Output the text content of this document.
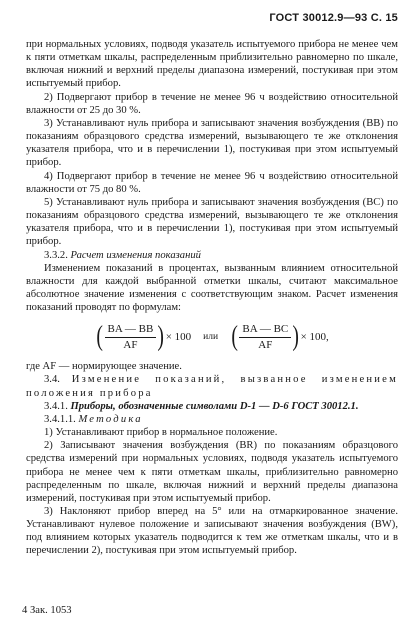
ГОСТ 30012.9—93 С. 15

при нормальных условиях, подводя указатель испытуемого прибора не менее чем к пяти отметкам шкалы, распределенным приблизительно равномерно по шкале, включая нижний и верхний пределы диапазона измерений, постукивая при этом испытуемый прибор.

2) Подвергают прибор в течение не менее 96 ч воздействию относительной влажности от 25 до 30 %.

3) Устанавливают нуль прибора и записывают значения возбуждения (BB) по показаниям образцового средства измерений, вызывающего те же отклонения указателя прибора, что и в перечислении 1), постукивая при этом испытуемый прибор.

4) Подвергают прибор в течение не менее 96 ч воздействию относительной влажности от 75 до 80 %.

5) Устанавливают нуль прибора и записывают значения возбуждения (BC) по показаниям образцового средства измерений, вызывающего те же отклонения указателя прибора, что и в перечислении 1), постукивая при этом испытуемый прибор.

3.3.2. Расчет изменения показаний

Изменением показаний в процентах, вызванным влиянием относительной влажности для каждой выбранной отметки шкалы, считают максимальное абсолютное значение изменения с соответствующим знаком. Расчет изменения показаний проводят по формулам:

( $\frac{BA — BB}{AF}$ ) × 100	или ( $\frac{BA — BC}{AF}$ ) × 100,

где AF — нормирующее значение.

3.4. Изменение показаний, вызванное изменением положения прибора

3.4.1. Приборы, обозначенные символами D-1 — D-6 ГОСТ 30012.1.

3.4.1.1. Методика

1) Устанавливают прибор в нормальное положение.

2) Записывают значения возбуждения (BR) по показаниям образцового средства измерений при нормальных условиях, подводя указатель испытуемого прибора не менее чем к пяти отметкам шкалы, приблизительно равномерно распределенным по шкале, включая нижний и верхний пределы диапазона измерений, постукивая при этом испытуемый прибор.

3) Наклоняют прибор вперед на 5° или на отмаркированное значение. Устанавливают нулевое положение и записывают значения возбуждения (BW), под влиянием которых указатель подводится к тем же отметкам шкалы, что и в перечислении 2), постукивая при этом испытуемый прибор.

4 Зак. 1053
